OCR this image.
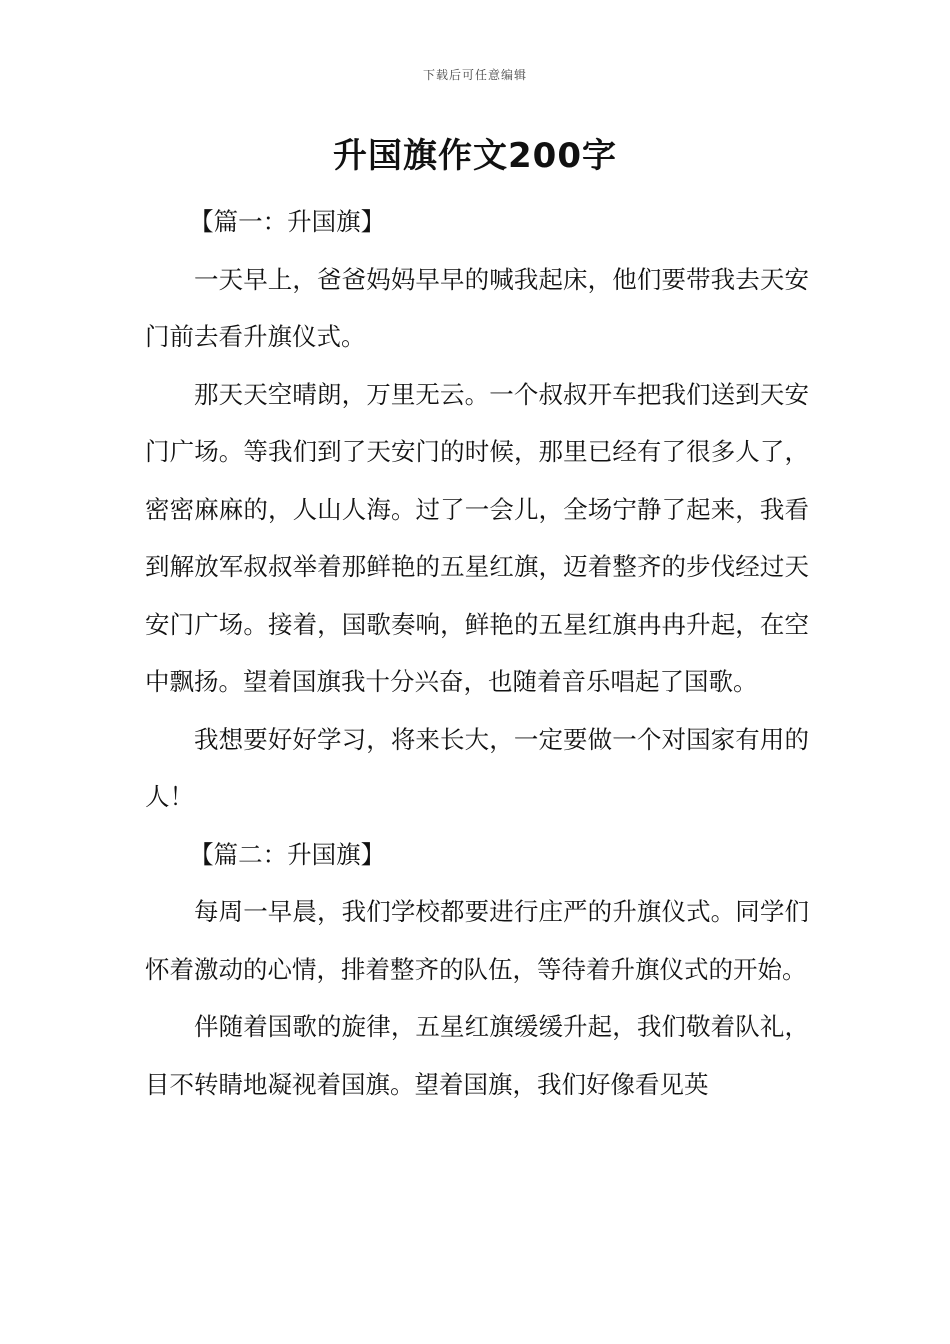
下载后可任意编辑
升国旗作文200字

【篇一：升国旗】

一天早上，爸爸妈妈早早的喊我起床，他们要带我去天安门前去看升旗仪式。

那天天空晴朗，万里无云。一个叔叔开车把我们送到天安门广场。等我们到了天安门的时候，那里已经有了很多人了，密密麻麻的，人山人海。过了一会儿，全场宁静了起来，我看到解放军叔叔举着那鲜艳的五星红旗，迈着整齐的步伐经过天安门广场。接着，国歌奏响，鲜艳的五星红旗冉冉升起，在空中飘扬。望着国旗我十分兴奋，也随着音乐唱起了国歌。

我想要好好学习，将来长大，一定要做一个对国家有用的人！

【篇二：升国旗】

每周一早晨，我们学校都要进行庄严的升旗仪式。同学们怀着激动的心情，排着整齐的队伍，等待着升旗仪式的开始。

伴随着国歌的旋律，五星红旗缓缓升起，我们敬着队礼，目不转睛地凝视着国旗。望着国旗，我们好像看见英
